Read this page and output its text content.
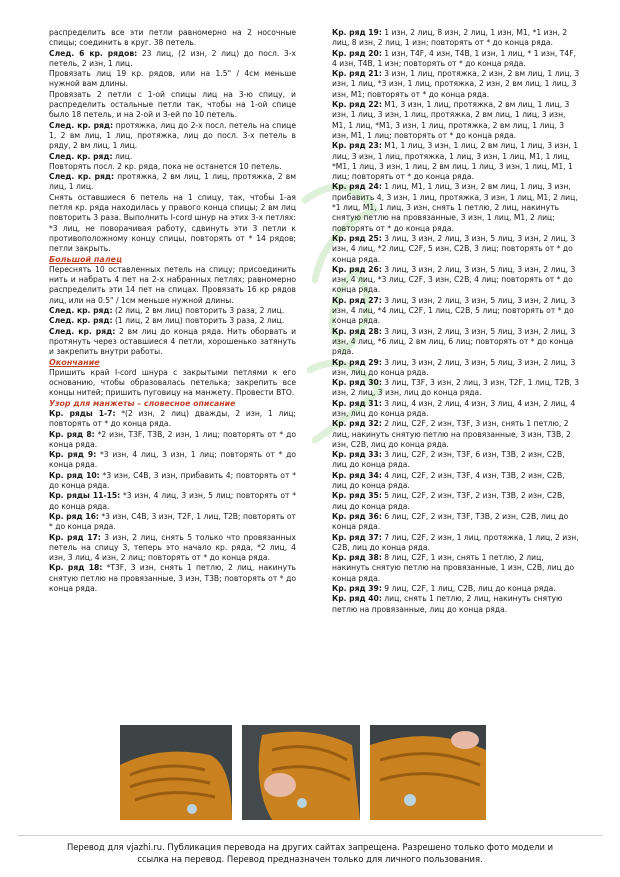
распределить все эти петли равномерно на 2 носочные спицы; соединить в круг. 38 петель.

След. 6 кр. рядов: 23 лиц, (2 изн, 2 лиц) до посл. 3-х петель, 2 изн, 1 лиц.

Провязать лиц 19 кр. рядов, или на 1.5" / 4см меньше нужной вам длины.

Провязать 2 петли с 1-ой спицы лиц на 3-ю спицу, и распределить остальные петли так, чтобы на 1-ой спице было 18 петель, и на 2-ой и 3-ей по 10 петель.

След. кр. ряд: протяжка, лиц до 2-х посл. петель на спице 1, 2 вм лиц, 1 лиц, протяжка, лиц до посл. 3-х петель в ряду, 2 вм лиц, 1 лиц.

След. кр. ряд: лиц.

Повторять посл. 2 кр. ряда, пока не останется 10 петель.

След. кр. ряд: протяжка, 2 вм лиц, 1 лиц, протяжка, 2 вм лиц, 1 лиц.

Снять оставшиеся 6 петель на 1 спицу, так, чтобы 1-ая петля кр. ряда находилась у правого конца спицы; 2 вм лиц повторить 3 раза. Выполнить I-cord шнур на этих 3-х петлях: *3 лиц, не поворачивая работу, сдвинуть эти 3 петли к противоположному концу спицы, повторять от * 14 рядов; петли закрыть.

Большой палец

Переснять 10 оставленных петель на спицу; присоединить нить и набрать 4 пет на 2-х набранных петлях; равномерно распределить эти 14 пет на спицах. Провязать 16 кр рядов лиц, или на 0.5" / 1см меньше нужной длины.

След. кр. ряд: (2 лиц, 2 вм лиц) повторить 3 раза, 2 лиц.

След. кр. ряд: (1 лиц, 2 вм лиц) повторить 3 раза, 2 лиц.

След. кр. ряд: 2 вм лиц до конца ряда. Нить оборвать и протянуть через оставшиеся 4 петли, хорошенько затянуть и закрепить внутри работы.

Окончание

Пришить край I-cord шнура с закрытыми петлями к его основанию, чтобы образовалась петелька; закрепить все концы нитей; пришить пуговицу на манжету. Провести ВТО.

Узор для манжеты – словесное описание

Кр. ряды 1-7: *(2 изн, 2 лиц) дважды, 2 изн, 1 лиц; повторять от * до конца ряда.

Кр. ряд 8: *2 изн, T3F, T3B, 2 изн, 1 лиц; повторять от * до конца ряда.

Кр. ряд 9: *3 изн, 4 лиц, 3 изн, 1 лиц; повторять от * до конца ряда.

Кр. ряд 10: *3 изн, C4B, 3 изн, прибавить 4; повторять от * до конца ряда.

Кр. ряды 11-15: *3 изн, 4 лиц, 3 изн, 5 лиц; повторять от * до конца ряда.

Кр. ряд 16: *3 изн, C4B, 3 изн, T2F, 1 лиц, T2B; повторять от * до конца ряда.

Кр. ряд 17: 3 изн, 2 лиц, снять 5 только что провязанных петель на спицу 3, теперь это начало кр. ряда, *2 лиц, 4 изн, 3 лиц, 4 изн, 2 лиц; повторять от * до конца ряда.

Кр. ряд 18: *T3F, 3 изн, снять 1 петлю, 2 лиц, накинуть снятую петлю на провязанные, 3 изн, T3B; повторять от * до конца ряда.

Кр. ряд 19: 1 изн, 2 лиц, 8 изн, 2 лиц, 1 изн, M1, *1 изн, 2 лиц, 8 изн, 2 лиц, 1 изн; повторять от * до конца ряда.

Кр. ряд 20: 1 изн, T4F, 4 изн, T4B, 1 изн, 1 лиц, * 1 изн, T4F, 4 изн, T4B, 1 изн; повторять от * до конца ряда.

Кр. ряд 21: 3 изн, 1 лиц, протяжка, 2 изн, 2 вм лиц, 1 лиц, 3 изн, 1 лиц, *3 изн, 1 лиц, протяжка, 2 изн, 2 вм лиц, 1 лиц, 3 изн, M1; повторять от * до конца ряда.

Кр. ряд 22: M1, 3 изн, 1 лиц, протяжка, 2 вм лиц, 1 лиц, 3 изн, 1 лиц, 3 изн, 1 лиц, протяжка, 2 вм лиц, 1 лиц, 3 изн, M1, 1 лиц, *M1, 3 изн, 1 лиц, протяжка, 2 вм лиц, 1 лиц, 3 изн, M1, 1 лиц; повторять от * до конца ряда.

Кр. ряд 23: M1, 1 лиц, 3 изн, 1 лиц, 2 вм лиц, 1 лиц, 3 изн, 1 лиц, 3 изн, 1 лиц, протяжка, 1 лиц, 3 изн, 1 лиц, M1, 1 лиц, *M1, 1 лиц, 3 изн, 1 лиц, 2 вм лиц, 1 лиц, 3 изн, 1 лиц, M1, 1 лиц; повторять от * до конца ряда.

Кр. ряд 24: 1 лиц, M1, 1 лиц, 3 изн, 2 вм лиц, 1 лиц, 3 изн, прибавить 4, 3 изн, 1 лиц, протяжка, 3 изн, 1 лиц, M1, 2 лиц, *1 лиц, M1, 1 лиц, 3 изн, снять 1 петлю, 2 лиц, накинуть снятую петлю на провязанные, 3 изн, 1 лиц, M1, 2 лиц; повторять от * до конца ряда.

Кр. ряд 25: 3 лиц, 3 изн, 2 лиц, 3 изн, 5 лиц, 3 изн, 2 лиц, 3 изн, 4 лиц, *2 лиц, C2F, 5 изн, C2B, 3 лиц; повторять от * до конца ряда.

Кр. ряд 26: 3 лиц, 3 изн, 2 лиц, 3 изн, 5 лиц, 3 изн, 2 лиц, 3 изн, 4 лиц, *3 лиц, C2F, 3 изн, C2B, 4 лиц; повторять от * до конца ряда.

Кр. ряд 27: 3 лиц, 3 изн, 2 лиц, 3 изн, 5 лиц, 3 изн, 2 лиц, 3 изн, 4 лиц, *4 лиц, C2F, 1 лиц, C2B, 5 лиц; повторять от * до конца ряда.

Кр. ряд 28: 3 лиц, 3 изн, 2 лиц, 3 изн, 5 лиц, 3 изн, 2 лиц, 3 изн, 4 лиц, *6 лиц, 2 вм лиц, 6 лиц; повторять от * до конца ряда.

Кр. ряд 29: 3 лиц, 3 изн, 2 лиц, 3 изн, 5 лиц, 3 изн, 2 лиц, 3 изн, лиц до конца ряда.

Кр. ряд 30: 3 лиц, T3F, 3 изн, 2 лиц, 3 изн, T2F, 1 лиц, T2B, 3 изн, 2 лиц, 3 изн, лиц до конца ряда.

Кр. ряд 31: 3 лиц, 4 изн, 2 лиц, 4 изн, 3 лиц, 4 изн, 2 лиц, 4 изн, лиц до конца ряда.

Кр. ряд 32: 2 лиц, C2F, 2 изн, T3F, 3 изн, снять 1 петлю, 2 лиц, накинуть снятую петлю на провязанные, 3 изн, T3B, 2 изн, C2B, лиц до конца ряда.

Кр. ряд 33: 3 лиц, C2F, 2 изн, T3F, 6 изн, T3B, 2 изн, C2B, лиц до конца ряда.

Кр. ряд 34: 4 лиц, C2F, 2 изн, T3F, 4 изн, T3B, 2 изн, C2B, лиц до конца ряда.

Кр. ряд 35: 5 лиц, C2F, 2 изн, T3F, 2 изн, T3B, 2 изн, C2B, лиц до конца ряда.

Кр. ряд 36: 6 лиц, C2F, 2 изн, T3F, T3B, 2 изн, C2B, лиц до конца ряда.

Кр. ряд 37: 7 лиц, C2F, 2 изн, 1 лиц, протяжка, 1 лиц, 2 изн, C2B, лиц до конца ряда.

Кр. ряд 38: 8 лиц, C2F, 1 изн, снять 1 петлю, 2 лиц, накинуть снятую петлю на провязанные, 1 изн, C2B, лиц до конца ряда.

Кр. ряд 39: 9 лиц, C2F, 1 лиц, C2B, лиц до конца ряда.

Кр. ряд 40: лиц, снять 1 петлю, 2 лиц, накинуть снятую петлю на провязанные, лиц до конца ряда.

Перевод для vjazhi.ru. Публикация перевода на других сайтах запрещена. Разрешено только фото модели и
ссылка на перевод. Перевод предназначен только для личного пользования.
